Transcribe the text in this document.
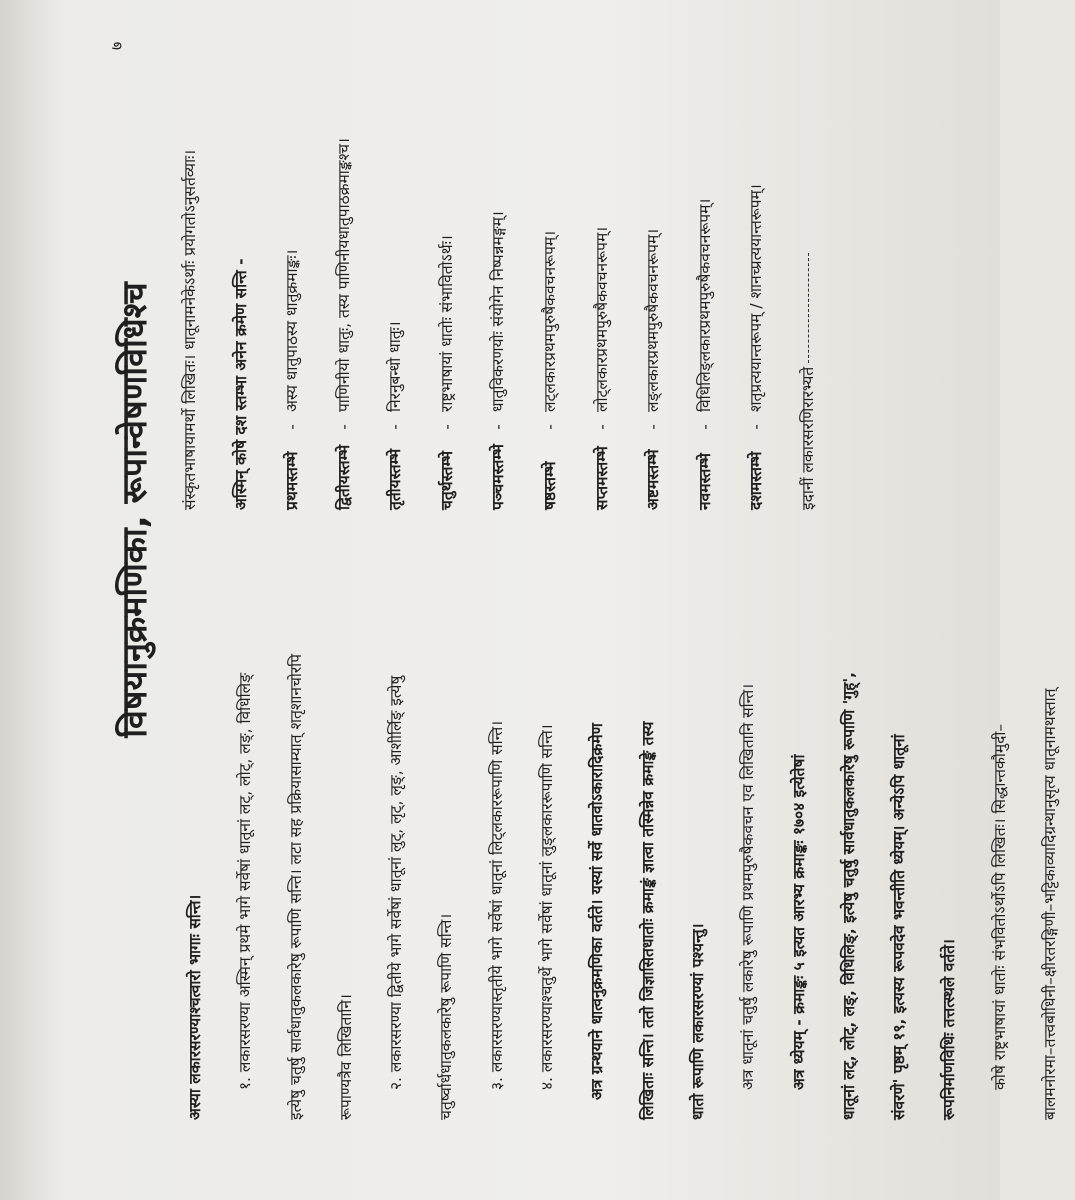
७
विषयानुक्रमणिका, रूपान्वेषणविधिश्च

अस्या लकारसरण्याश्चत्वारो भागाः सन्ति।	१. लकारसरण्या अस्मिन् प्रथमे भागे सर्वेषां धातूनां लट्, लोट्, लङ्, विधिलिङ्	इत्येषु चतुर्षु सार्वधातुकलकारेषु रूपाणि सन्ति। लटा सह प्रक्रियासाम्यात् शतृशानचोरपि	रूपाण्यत्रैव लिखितानि।	२. लकारसरण्या द्वितीये भागे सर्वेषां धातूनां लुट्, लृट्, लृङ्, आशीर्लिङ् इत्येषु	चतुर्ष्वार्धधातुकलकारेषु रूपाणि सन्ति।	३. लकारसरण्यास्तृतीये भागे सर्वेषां धातूनां लिट्लकाररूपाणि सन्ति।	४. लकारसरण्याश्चतुर्थे भागे सर्वेषां धातूनां लुङ्लकाररूपाणि सन्ति।	अत्र ग्रन्थयाने धात्वनुक्रमणिका वर्तते। यस्यां सर्वे धातवोऽकारादिक्रमेण	लिखिताः सन्ति। ततो जिज्ञासितधातोः क्रमाङ्कं ज्ञात्वा तस्मिन्नेव क्रमाङ्के तस्य	धातो रूपाणि लकारसरण्यां पश्यन्तु।	अत्र धातूनां चतुर्षु लकारेषु रूपाणि प्रथमपुरुषैकवचन एव लिखितानि सन्ति।	अत्र ध्येयम् - क्रमाङ्कः ५ इत्यत आरभ्य क्रमाङ्कः १७०४ इत्येतेषां	धातूनां लट्, लोट्, लङ्, विधिलिङ्, इत्येषु चतुर्षु सार्वधातुकलकारेषु रूपाणि 'गुह्',	संवरणे' पृष्ठम् १९, इत्यस्य रूपवदेव भवन्तीति ध्येयम्। अन्येऽपि धातूनां	रूपनिर्माणविधिः तत्तत्स्थले वर्तते।	कोषे राष्ट्रभाषायां धातोः संभवितोऽर्थोऽपि लिखितः। सिद्धान्तकौमुदी–	बालमनोरमा–तत्त्वबोधिनी–क्षीरतरङ्गिणी–भट्टिकाव्यादिग्रन्थानुसृत्य धातूनामथस्तात्

संस्कृतभाषायामर्थो लिखितः। धातूनामनेकेऽर्थाः प्रयोगतोऽनुसर्तव्याः।	अस्मिन् कोषे दश स्तम्भा अनेन क्रमेण सन्ति -	प्रथमस्तम्भे
-
अस्य धातुपाठस्य धातुक्रमाङ्कः।
द्वितीयस्तम्भे
-
पाणिनीयो धातुः, तस्य पाणिनीयधातुपाठक्रमाङ्कश्च।
तृतीयस्तम्भे
-
निरनुबन्धो धातुः।
चतुर्थस्तम्भे
-
राष्ट्रभाषायां धातोः संभावितोऽर्थः।
पञ्चमस्तम्भे
-
धातुविकरणयोः संयोगेन निष्पन्नमङ्गम्।
षष्ठस्तम्भे
-
लट्लकारप्रथमपुरुषैकवचनरूपम्।
सप्तमस्तम्भे
-
लोट्लकारप्रथमपुरुषैकवचनरूपम्।
अष्टमस्तम्भे
-
लङ्लकारप्रथमपुरुषैकवचनरूपम्।
नवमस्तम्भे
-
विधिलिङ्लकारप्रथमपुरुषैकवचनरूपम्।
दशमस्तम्भे
-
शतृप्रत्ययान्तरूपम् / शानच्प्रत्ययान्तरूपम्।
इदानीं लकारसरणिरारभ्यते
